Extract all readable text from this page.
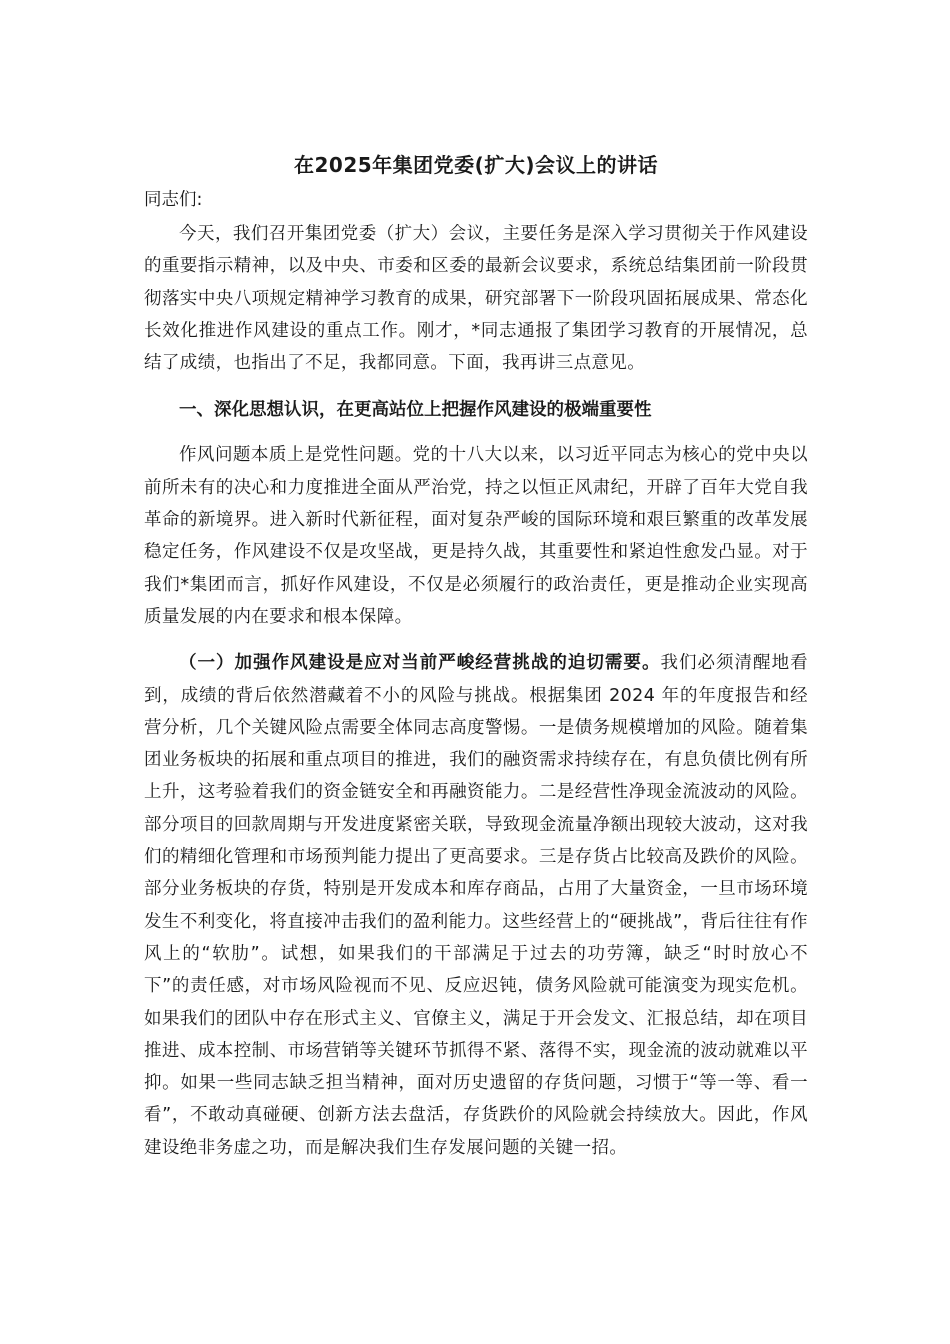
在2025年集团党委(扩大)会议上的讲话
同志们:

今天，我们召开集团党委（扩大）会议，主要任务是深入学习贯彻关于作风建设的重要指示精神，以及中央、市委和区委的最新会议要求，系统总结集团前一阶段贯彻落实中央八项规定精神学习教育的成果，研究部署下一阶段巩固拓展成果、常态化长效化推进作风建设的重点工作。刚才，*同志通报了集团学习教育的开展情况，总结了成绩，也指出了不足，我都同意。下面，我再讲三点意见。

一、深化思想认识，在更高站位上把握作风建设的极端重要性

作风问题本质上是党性问题。党的十八大以来，以习近平同志为核心的党中央以前所未有的决心和力度推进全面从严治党，持之以恒正风肃纪，开辟了百年大党自我革命的新境界。进入新时代新征程，面对复杂严峻的国际环境和艰巨繁重的改革发展稳定任务，作风建设不仅是攻坚战，更是持久战，其重要性和紧迫性愈发凸显。对于我们*集团而言，抓好作风建设，不仅是必须履行的政治责任，更是推动企业实现高质量发展的内在要求和根本保障。

（一）加强作风建设是应对当前严峻经营挑战的迫切需要。我们必须清醒地看到，成绩的背后依然潜藏着不小的风险与挑战。根据集团 2024 年的年度报告和经营分析，几个关键风险点需要全体同志高度警惕。一是债务规模增加的风险。随着集团业务板块的拓展和重点项目的推进，我们的融资需求持续存在，有息负债比例有所上升，这考验着我们的资金链安全和再融资能力。二是经营性净现金流波动的风险。部分项目的回款周期与开发进度紧密关联，导致现金流量净额出现较大波动，这对我们的精细化管理和市场预判能力提出了更高要求。三是存货占比较高及跌价的风险。部分业务板块的存货，特别是开发成本和库存商品，占用了大量资金，一旦市场环境发生不利变化，将直接冲击我们的盈利能力。这些经营上的“硬挑战”，背后往往有作风上的“软肋”。试想，如果我们的干部满足于过去的功劳簿，缺乏“时时放心不下”的责任感，对市场风险视而不见、反应迟钝，债务风险就可能演变为现实危机。如果我们的团队中存在形式主义、官僚主义，满足于开会发文、汇报总结，却在项目推进、成本控制、市场营销等关键环节抓得不紧、落得不实，现金流的波动就难以平抑。如果一些同志缺乏担当精神，面对历史遗留的存货问题，习惯于“等一等、看一看”，不敢动真碰硬、创新方法去盘活，存货跌价的风险就会持续放大。因此，作风建设绝非务虚之功，而是解决我们生存发展问题的关键一招。
